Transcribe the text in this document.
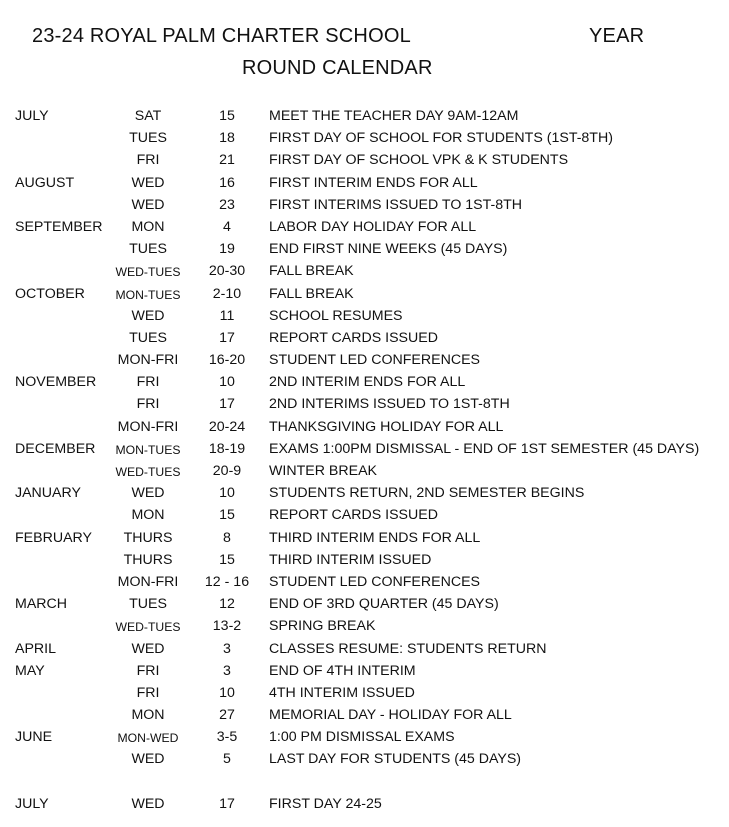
23-24 ROYAL PALM CHARTER SCHOOL	YEAR
ROUND CALENDAR
JULY	SAT	15 MEET THE TEACHER DAY 9AM-12AM
TUES	18 FIRST DAY OF SCHOOL FOR STUDENTS (1ST-8TH)
FRI	21 FIRST DAY OF SCHOOL VPK & K STUDENTS
AUGUST	WED	16 FIRST INTERIM ENDS FOR ALL
WED	23 FIRST INTERIMS ISSUED TO 1ST-8TH
SEPTEMBER MON	4	LABOR DAY HOLIDAY FOR ALL
TUES	19 END FIRST NINE WEEKS (45 DAYS)
WED-TUES 20-30 FALL BREAK
OCTOBER	MON-TUES 2-10 FALL BREAK
WED	11 SCHOOL RESUMES
TUES	17 REPORT CARDS ISSUED
MON-FRI 16-20 STUDENT LED CONFERENCES
NOVEMBER	FRI	10 2ND INTERIM ENDS FOR ALL
FRI	17 2ND INTERIMS ISSUED TO 1ST-8TH
MON-FRI 20-24 THANKSGIVING HOLIDAY FOR ALL
DECEMBER MON-TUES 18-19 EXAMS 1:00PM DISMISSAL - END OF 1ST SEMESTER (45 DAYS)
WED-TUES 20-9 WINTER BREAK
JANUARY	WED	10 STUDENTS RETURN, 2ND SEMESTER BEGINS
MON	15 REPORT CARDS ISSUED
FEBRUARY THURS	8	THIRD INTERIM ENDS FOR ALL
THURS	15 THIRD INTERIM ISSUED
MON-FRI 12 - 16 STUDENT LED CONFERENCES
MARCH	TUES	12 END OF 3RD QUARTER (45 DAYS)
WED-TUES 13-2 SPRING BREAK
APRIL	WED	3	CLASSES RESUME: STUDENTS RETURN
MAY	FRI	3	END OF 4TH INTERIM
FRI	10 4TH INTERIM ISSUED
MON	27 MEMORIAL DAY - HOLIDAY FOR ALL
JUNE	MON-WED	3-5 1:00 PM DISMISSAL EXAMS
WED	5	LAST DAY FOR STUDENTS (45 DAYS)
JULY	WED	17 FIRST DAY 24-25
